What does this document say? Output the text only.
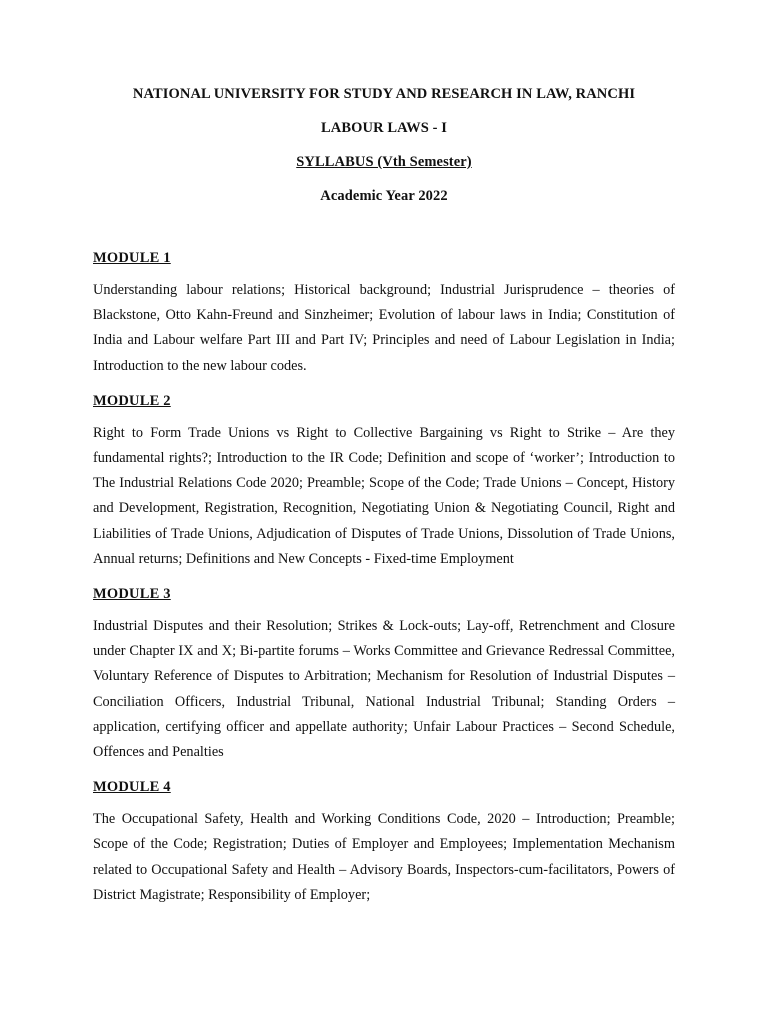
NATIONAL UNIVERSITY FOR STUDY AND RESEARCH IN LAW, RANCHI

LABOUR LAWS - I

SYLLABUS (Vth Semester)

Academic Year 2022

MODULE 1

Understanding labour relations; Historical background; Industrial Jurisprudence – theories of Blackstone, Otto Kahn-Freund and Sinzheimer; Evolution of labour laws in India; Constitution of India and Labour welfare Part III and Part IV; Principles and need of Labour Legislation in India; Introduction to the new labour codes.

MODULE 2

Right to Form Trade Unions vs Right to Collective Bargaining vs Right to Strike – Are they fundamental rights?; Introduction to the IR Code; Definition and scope of ‘worker’; Introduction to The Industrial Relations Code 2020; Preamble; Scope of the Code; Trade Unions – Concept, History and Development, Registration, Recognition, Negotiating Union & Negotiating Council, Right and Liabilities of Trade Unions, Adjudication of Disputes of Trade Unions, Dissolution of Trade Unions, Annual returns; Definitions and New Concepts - Fixed-time Employment

MODULE 3

Industrial Disputes and their Resolution; Strikes & Lock-outs; Lay-off, Retrenchment and Closure under Chapter IX and X; Bi-partite forums – Works Committee and Grievance Redressal Committee, Voluntary Reference of Disputes to Arbitration; Mechanism for Resolution of Industrial Disputes – Conciliation Officers, Industrial Tribunal, National Industrial Tribunal; Standing Orders – application, certifying officer and appellate authority; Unfair Labour Practices – Second Schedule, Offences and Penalties

MODULE 4

The Occupational Safety, Health and Working Conditions Code, 2020 – Introduction; Preamble; Scope of the Code; Registration; Duties of Employer and Employees; Implementation Mechanism related to Occupational Safety and Health – Advisory Boards, Inspectors-cum-facilitators, Powers of District Magistrate; Responsibility of Employer;
